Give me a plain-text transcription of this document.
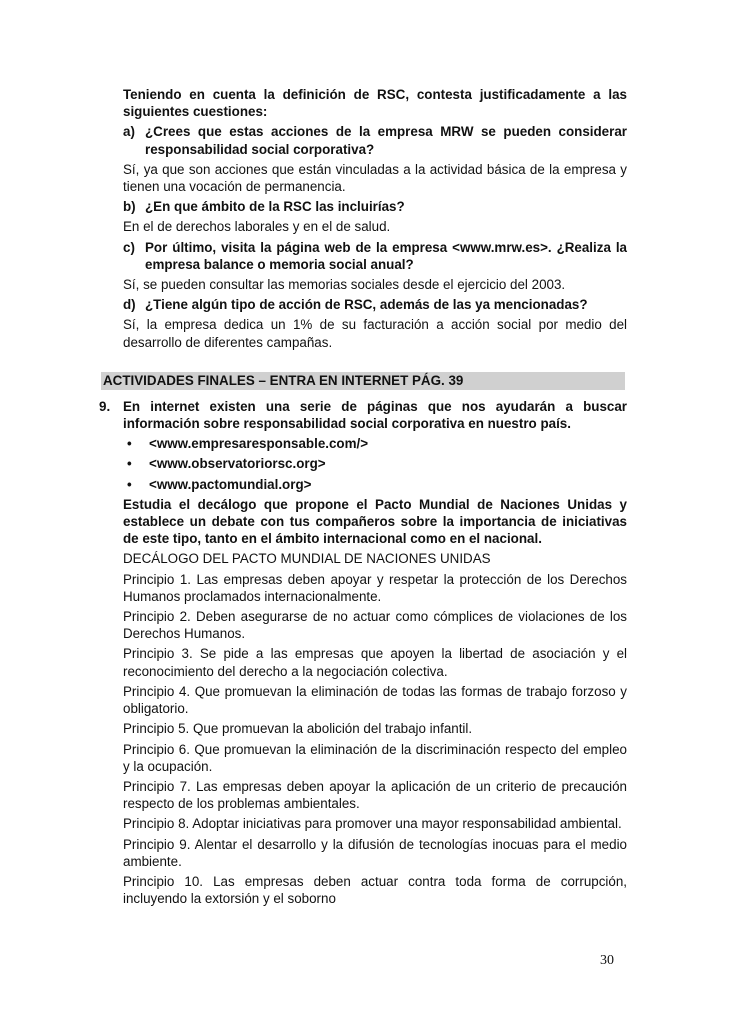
Teniendo en cuenta la definición de RSC, contesta justificadamente a las siguientes cuestiones:
a) ¿Crees que estas acciones de la empresa MRW se pueden considerar responsabilidad social corporativa?
Sí, ya que son acciones que están vinculadas a la actividad básica de la empresa y tienen una vocación de permanencia.
b) ¿En que ámbito de la RSC las incluirías?
En el de derechos laborales y en el de salud.
c) Por último, visita la página web de la empresa <www.mrw.es>. ¿Realiza la empresa balance o memoria social anual?
Sí, se pueden consultar las memorias sociales desde el ejercicio del 2003.
d) ¿Tiene algún tipo de acción de RSC, además de las ya mencionadas?
Sí, la empresa dedica un 1% de su facturación a acción social por medio del desarrollo de diferentes campañas.
ACTIVIDADES FINALES – ENTRA EN INTERNET PÁG. 39
9. En internet existen una serie de páginas que nos ayudarán a buscar información sobre responsabilidad social corporativa en nuestro país.
• <www.empresaresponsable.com/>
• <www.observatoriorsc.org>
• <www.pactomundial.org>
Estudia el decálogo que propone el Pacto Mundial de Naciones Unidas y establece un debate con tus compañeros sobre la importancia de iniciativas de este tipo, tanto en el ámbito internacional como en el nacional.
DECÁLOGO DEL PACTO MUNDIAL DE NACIONES UNIDAS
Principio 1. Las empresas deben apoyar y respetar la protección de los Derechos Humanos proclamados internacionalmente.
Principio 2. Deben asegurarse de no actuar como cómplices de violaciones de los Derechos Humanos.
Principio 3. Se pide a las empresas que apoyen la libertad de asociación y el reconocimiento del derecho a la negociación colectiva.
Principio 4. Que promuevan la eliminación de todas las formas de trabajo forzoso y obligatorio.
Principio 5. Que promuevan la abolición del trabajo infantil.
Principio 6. Que promuevan la eliminación de la discriminación respecto del empleo y la ocupación.
Principio 7. Las empresas deben apoyar la aplicación de un criterio de precaución respecto de los problemas ambientales.
Principio 8. Adoptar iniciativas para promover una mayor responsabilidad ambiental.
Principio 9. Alentar el desarrollo y la difusión de tecnologías inocuas para el medio ambiente.
Principio 10. Las empresas deben actuar contra toda forma de corrupción, incluyendo la extorsión y el soborno
30
